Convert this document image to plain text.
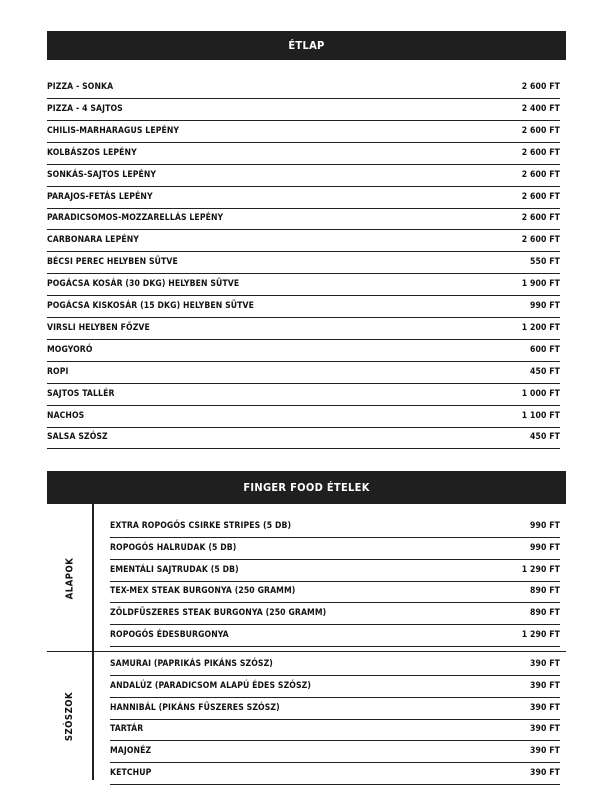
ÉTLAP
PIZZA - SONKA	2 600 FT
PIZZA - 4 SAJTOS	2 400 FT
CHILIS-MARHARAGUS LEPÉNY	2 600 FT
KOLBÁSZOS LEPÉNY	2 600 FT
SONKÁS-SAJTOS LEPÉNY	2 600 FT
PARAJOS-FETÁS LEPÉNY	2 600 FT
PARADICSOMOS-MOZZARELLÁS LEPÉNY	2 600 FT
CARBONARA LEPÉNY	2 600 FT
BÉCSI PEREC HELYBEN SÜTVE	550 FT
POGÁCSA KOSÁR (30 DKG) HELYBEN SÜTVE	1 900 FT
POGÁCSA KISKOSÁR (15 DKG) HELYBEN SÜTVE	990 FT
VIRSLI HELYBEN FŐZVE	1 200 FT
MOGYORÓ	600 FT
ROPI	450 FT
SAJTOS TALLÉR	1 000 FT
NACHOS	1 100 FT
SALSA SZÓSZ	450 FT
FINGER FOOD ÉTELEK
ALAPOK
SZÓSZOK
EXTRA ROPOGÓS CSIRKE STRIPES (5 DB)	990 FT
ROPOGÓS HALRUDAK (5 DB)	990 FT
EMENTÁLI SAJTRUDAK (5 DB)	1 290 FT
TEX-MEX STEAK BURGONYA (250 GRAMM)	890 FT
ZÖLDFŰSZERES STEAK BURGONYA (250 GRAMM)	890 FT
ROPOGÓS ÉDESBURGONYA	1 290 FT
SAMURAI (PAPRIKÁS PIKÁNS SZÓSZ)	390 FT
ANDALÚZ (PARADICSOM ALAPÚ ÉDES SZÓSZ)	390 FT
HANNIBÁL (PIKÁNS FŰSZERES SZÓSZ)	390 FT
TARTÁR	390 FT
MAJONÉZ	390 FT
KETCHUP	390 FT
